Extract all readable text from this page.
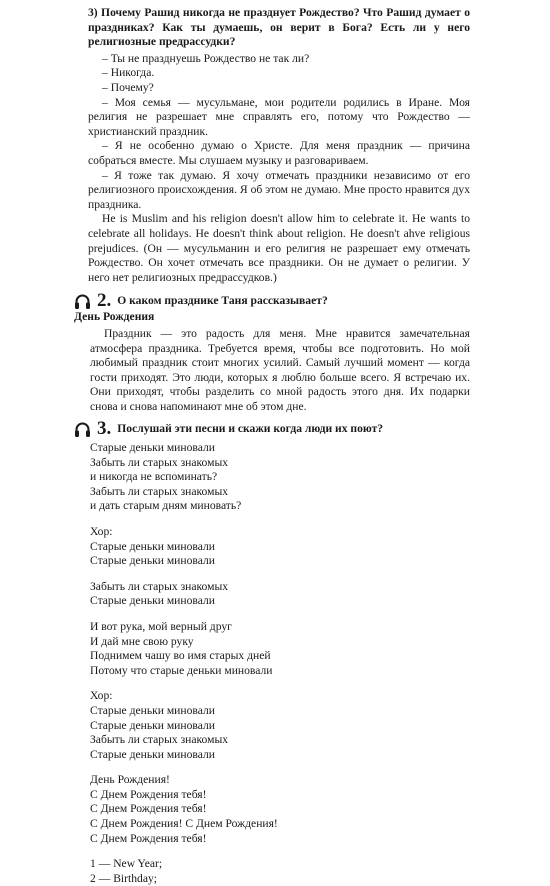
3) Почему Рашид никогда не празднует Рождество? Что Рашид думает о праздниках? Как ты думаешь, он верит в Бога? Есть ли у него религиозные предрассудки?

– Ты не празднуешь Рождество не так ли?

– Никогда.

– Почему?

– Моя семья — мусульмане, мои родители родились в Иране. Моя религия не разрешает мне справлять его, потому что Рождество — христианский праздник.

– Я не особенно думаю о Христе. Для меня праздник — причина собраться вместе. Мы слушаем музыку и разговариваем.

– Я тоже так думаю. Я хочу отмечать праздники независимо от его религиозного происхождения. Я об этом не думаю. Мне просто нравится дух праздника.

He is Muslim and his religion doesn't allow him to celebrate it. He wants to celebrate all holidays. He doesn't think about religion. He doesn't ahve religious prejudices. (Он — мусульманин и его религия не разрешает ему отмечать Рождество. Он хочет отмечать все праздники. Он не думает о религии. У него нет религиозных предрассудков.)

2. О каком празднике Таня рассказывает?
День Рождения

Праздник — это радость для меня. Мне нравится замечательная атмосфера праздника. Требуется время, чтобы все подготовить. Но мой любимый праздник стоит многих усилий. Самый лучший момент — когда гости приходят. Это люди, которых я люблю больше всего. Я встречаю их. Они приходят, чтобы разделить со мной радость этого дня. Их подарки снова и снова напоминают мне об этом дне.

3. Послушай эти песни и скажи когда люди их поют?

Старые деньки миновали

Забыть ли старых знакомых

и никогда не вспоминать?

Забыть ли старых знакомых

и дать старым дням миновать?

Хор:

Старые деньки миновали

Старые деньки миновали

Забыть ли старых знакомых

Старые деньки миновали

И вот рука, мой верный друг

И дай мне свою руку

Поднимем чашу во имя старых дней

Потому что старые деньки миновали

Хор:

Старые деньки миновали

Старые деньки миновали

Забыть ли старых знакомых

Старые деньки миновали

День Рождения!

С Днем Рождения тебя!

С Днем Рождения тебя!

С Днем Рождения! С Днем Рождения!

С Днем Рождения тебя!

1 — New Year;

2 — Birthday;
